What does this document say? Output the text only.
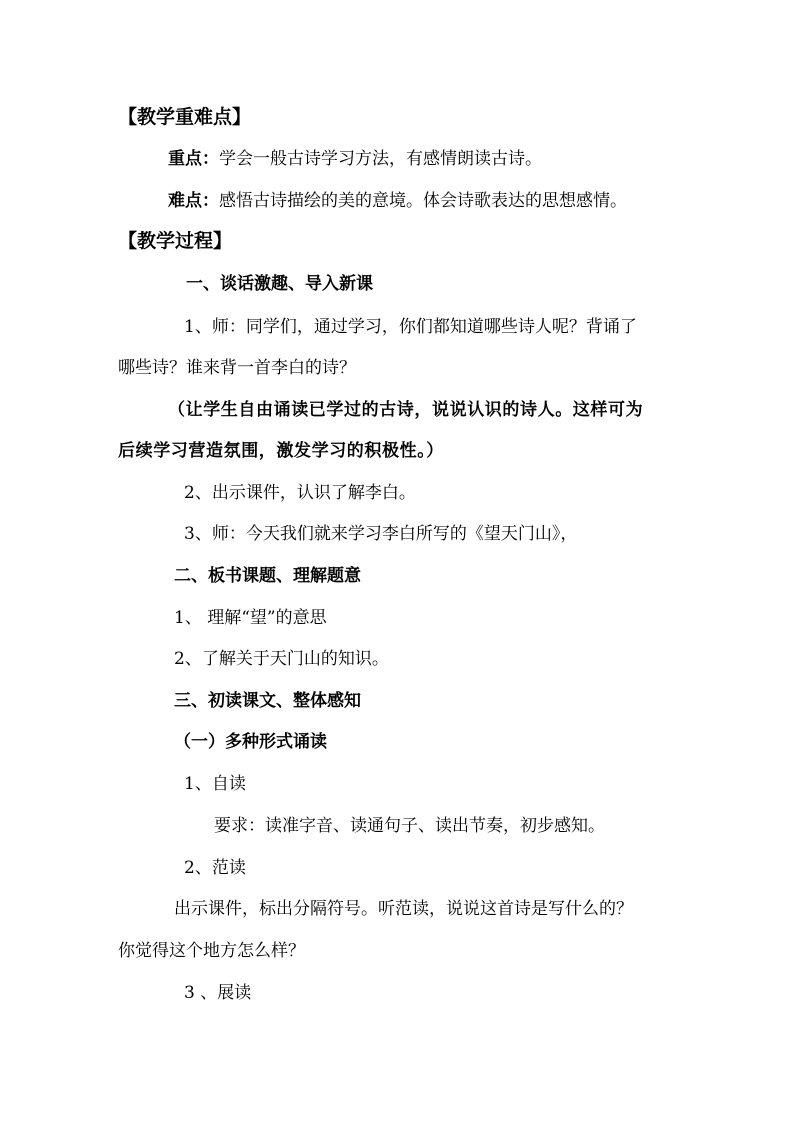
【教学重难点】
重点：学会一般古诗学习方法，有感情朗读古诗。
难点：感悟古诗描绘的美的意境。体会诗歌表达的思想感情。
【教学过程】
一、谈话激趣、导入新课
1、师：同学们，通过学习，你们都知道哪些诗人呢？背诵了
哪些诗？谁来背一首李白的诗？
（让学生自由诵读已学过的古诗，说说认识的诗人。这样可为
后续学习营造氛围，激发学习的积极性。）
2、出示课件，认识了解李白。
3、师：今天我们就来学习李白所写的《望天门山》，
二、板书课题、理解题意
1、 理解“望”的意思
2、了解关于天门山的知识。
三、初读课文、整体感知
（一）多种形式诵读
1、自读
要求：读准字音、读通句子、读出节奏，初步感知。
2、范读
出示课件，标出分隔符号。听范读，说说这首诗是写什么的？
你觉得这个地方怎么样？
3 、展读
